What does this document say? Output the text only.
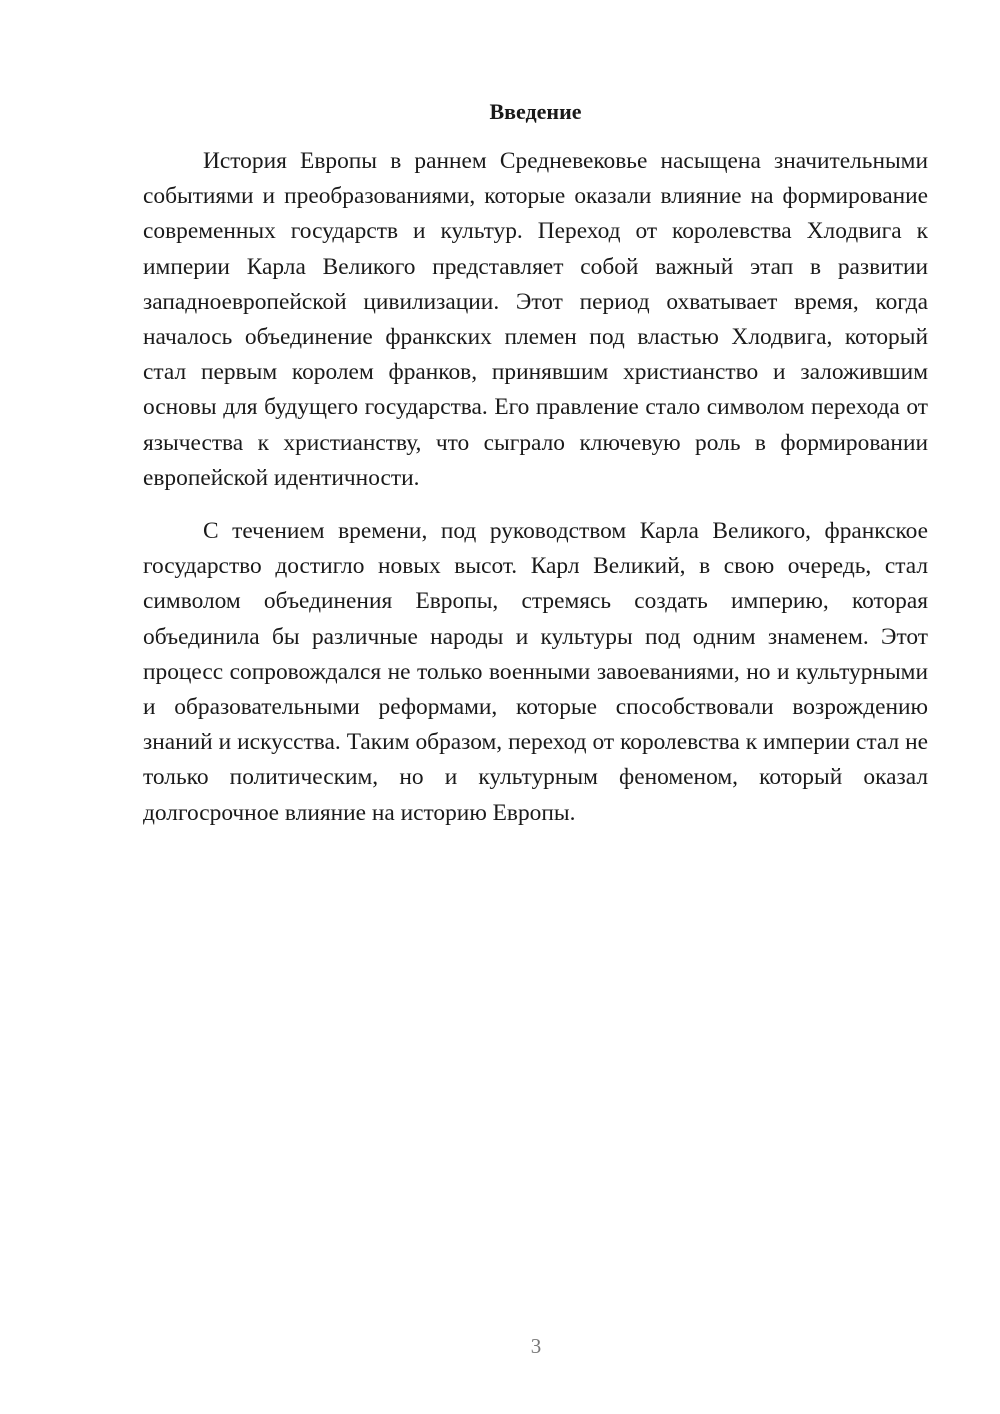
Введение

История Европы в раннем Средневековье насыщена значительными событиями и преобразованиями, которые оказали влияние на формирование современных государств и культур. Переход от королевства Хлодвига к империи Карла Великого представляет собой важный этап в развитии западноевропейской цивилизации. Этот период охватывает время, когда началось объединение франкских племен под властью Хлодвига, который стал первым королем франков, принявшим христианство и заложившим основы для будущего государства. Его правление стало символом перехода от язычества к христианству, что сыграло ключевую роль в формировании европейской идентичности.

С течением времени, под руководством Карла Великого, франкское государство достигло новых высот. Карл Великий, в свою очередь, стал символом объединения Европы, стремясь создать империю, которая объединила бы различные народы и культуры под одним знаменем. Этот процесс сопровождался не только военными завоеваниями, но и культурными и образовательными реформами, которые способствовали возрождению знаний и искусства. Таким образом, переход от королевства к империи стал не только политическим, но и культурным феноменом, который оказал долгосрочное влияние на историю Европы.

3
